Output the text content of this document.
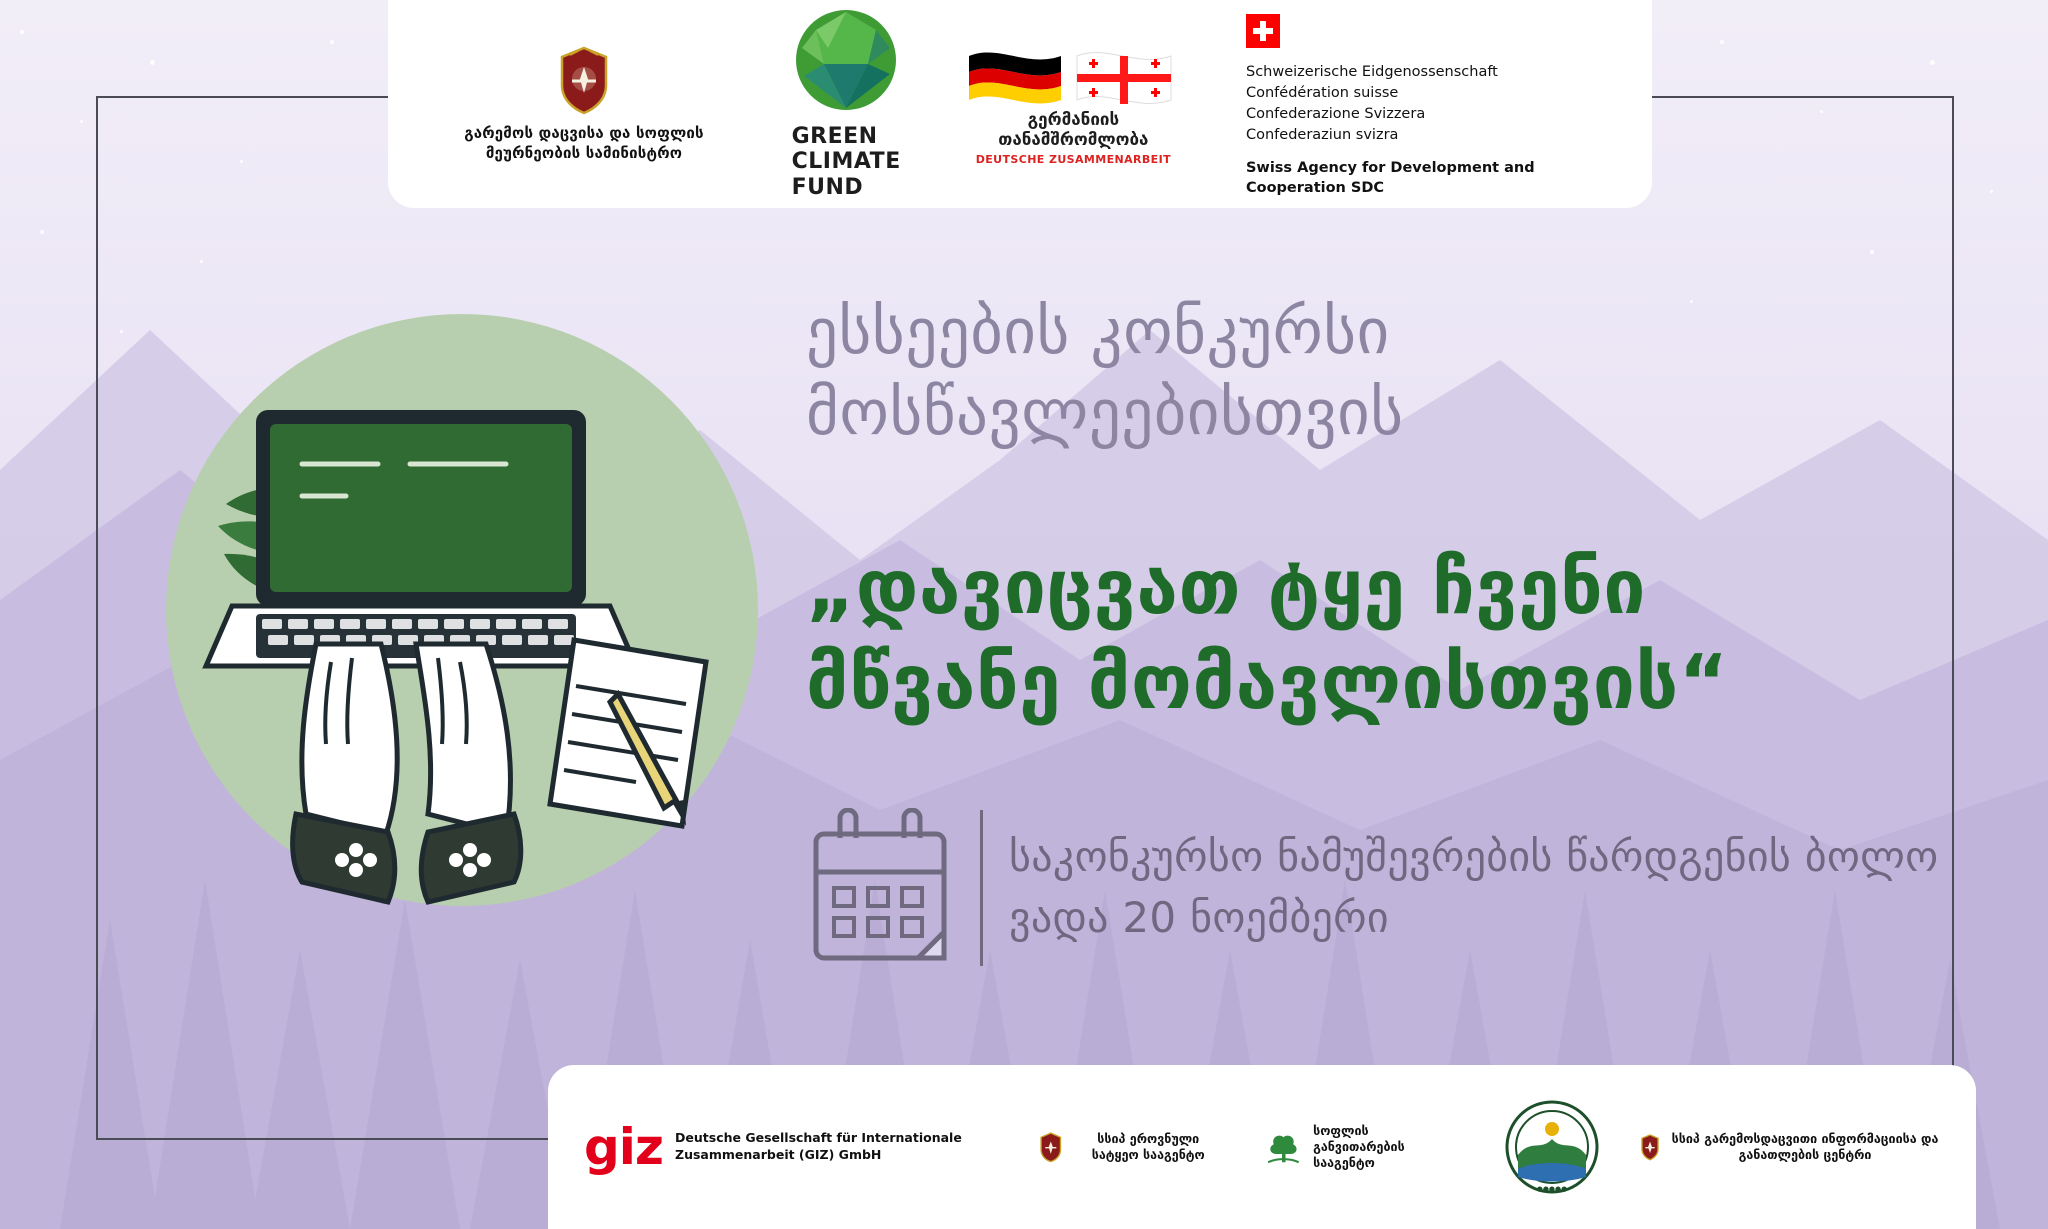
გარემოს დაცვისა და სოფლის მეურნეობის სამინისტრო
GREEN
CLIMATE
FUND
გერმანიის თანამშრომლობა
DEUTSCHE ZUSAMMENARBEIT
Schweizerische Eidgenossenschaft
Confédération suisse
Confederazione Svizzera
Confederaziun svizra
Swiss Agency for Development and Cooperation SDC
ესსეების კონკურსი მოსწავლეებისთვის
„დავიცვათ ტყე ჩვენი მწვანე მომავლისთვის“
საკონკურსო ნამუშევრების წარდგენის ბოლო ვადა 20 ნოემბერი
giz Deutsche Gesellschaft für Internationale Zusammenarbeit (GIZ) GmbH
სსიპ ეროვნული სატყეო სააგენტო
სოფლის განვითარების სააგენტო
●●●●●
სსიპ გარემოსდაცვითი ინფორმაციისა და განათლების ცენტრი
